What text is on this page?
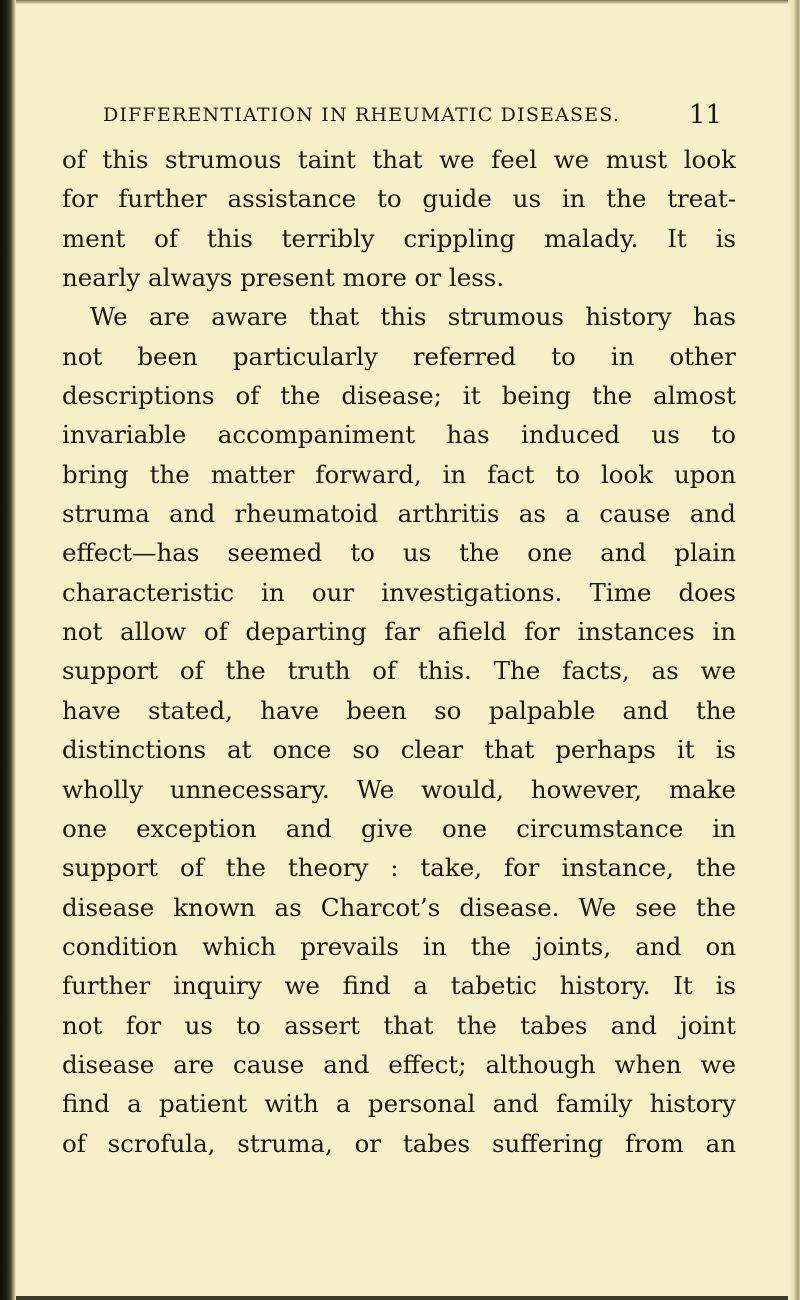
DIFFERENTIATION IN RHEUMATIC DISEASES.	11
of this strumous taint that we feel we must look
for further assistance to guide us in the treat-
ment of this terribly crippling malady. It is
nearly always present more or less.
We are aware that this strumous history has
not been particularly referred to in other
descriptions of the disease; it being the almost
invariable accompaniment has induced us to
bring the matter forward, in fact to look upon
struma and rheumatoid arthritis as a cause and
effect—has seemed to us the one and plain
characteristic in our investigations. Time does
not allow of departing far afield for instances in
support of the truth of this. The facts, as we
have stated, have been so palpable and the
distinctions at once so clear that perhaps it is
wholly unnecessary. We would, however, make
one exception and give one circumstance in
support of the theory : take, for instance, the
disease known as Charcot’s disease. We see the
condition which prevails in the joints, and on
further inquiry we find a tabetic history. It is
not for us to assert that the tabes and joint
disease are cause and effect; although when we
find a patient with a personal and family history
of scrofula, struma, or tabes suffering from an
